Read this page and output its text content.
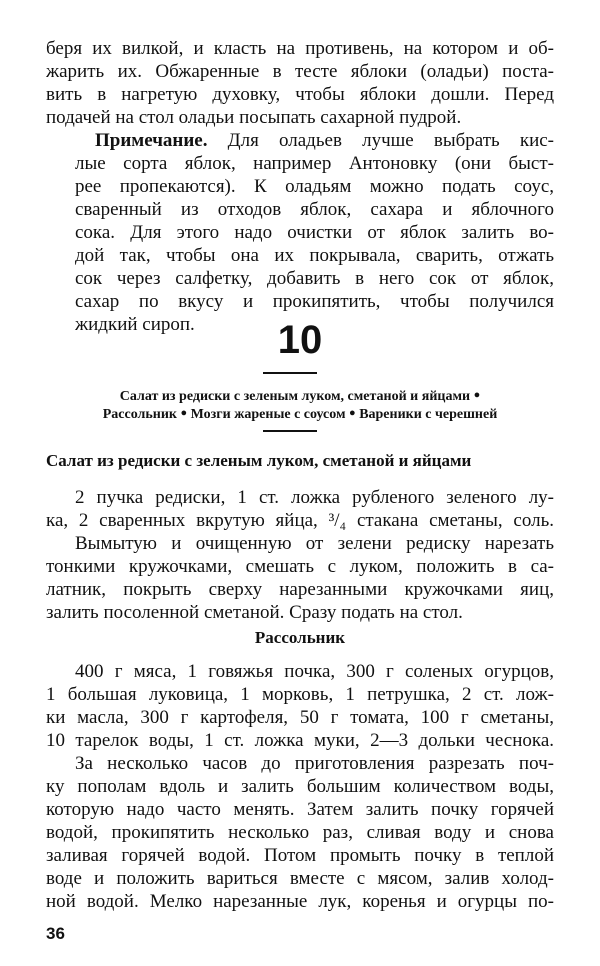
беря их вилкой, и класть на противень, на котором и об-
жарить их. Обжаренные в тесте яблоки (оладьи) поста-
вить в нагретую духовку, чтобы яблоки дошли. Перед
подачей на стол оладьи посыпать сахарной пудрой.
Примечание. Для оладьев лучше выбрать кис-
лые сорта яблок, например Антоновку (они быст-
рее пропекаются). К оладьям можно подать соус,
сваренный из отходов яблок, сахара и яблочного
сока. Для этого надо очистки от яблок залить во-
дой так, чтобы она их покрывала, сварить, отжать
сок через салфетку, добавить в него сок от яблок,
сахар по вкусу и прокипятить, чтобы получился
жидкий сироп.	10
Салат из редиски с зеленым луком, сметаной и яйцами ●
Рассольник ● Мозги жареные с соусом ● Вареники с черешней
Салат из редиски с зеленым луком, сметаной и яйцами
2 пучка редиски, 1 ст. ложка рубленого зеленого лу-
ка, 2 сваренных вкрутую яйца, ³/₄ стакана сметаны, соль.
Вымытую и очищенную от зелени редиску нарезать
тонкими кружочками, смешать с луком, положить в са-
латник, покрыть сверху нарезанными кружочками яиц,
залить посоленной сметаной. Сразу подать на стол.
Рассольник
400 г мяса, 1 говяжья почка, 300 г соленых огурцов,
1 большая луковица, 1 морковь, 1 петрушка, 2 ст. лож-
ки масла, 300 г картофеля, 50 г томата, 100 г сметаны,
10 тарелок воды, 1 ст. ложка муки, 2—3 дольки чеснока.
За несколько часов до приготовления разрезать поч-
ку пополам вдоль и залить большим количеством воды,
которую надо часто менять. Затем залить почку горячей
водой, прокипятить несколько раз, сливая воду и снова
заливая горячей водой. Потом промыть почку в теплой
воде и положить вариться вместе с мясом, залив холод-
ной водой. Мелко нарезанные лук, коренья и огурцы по-
36
